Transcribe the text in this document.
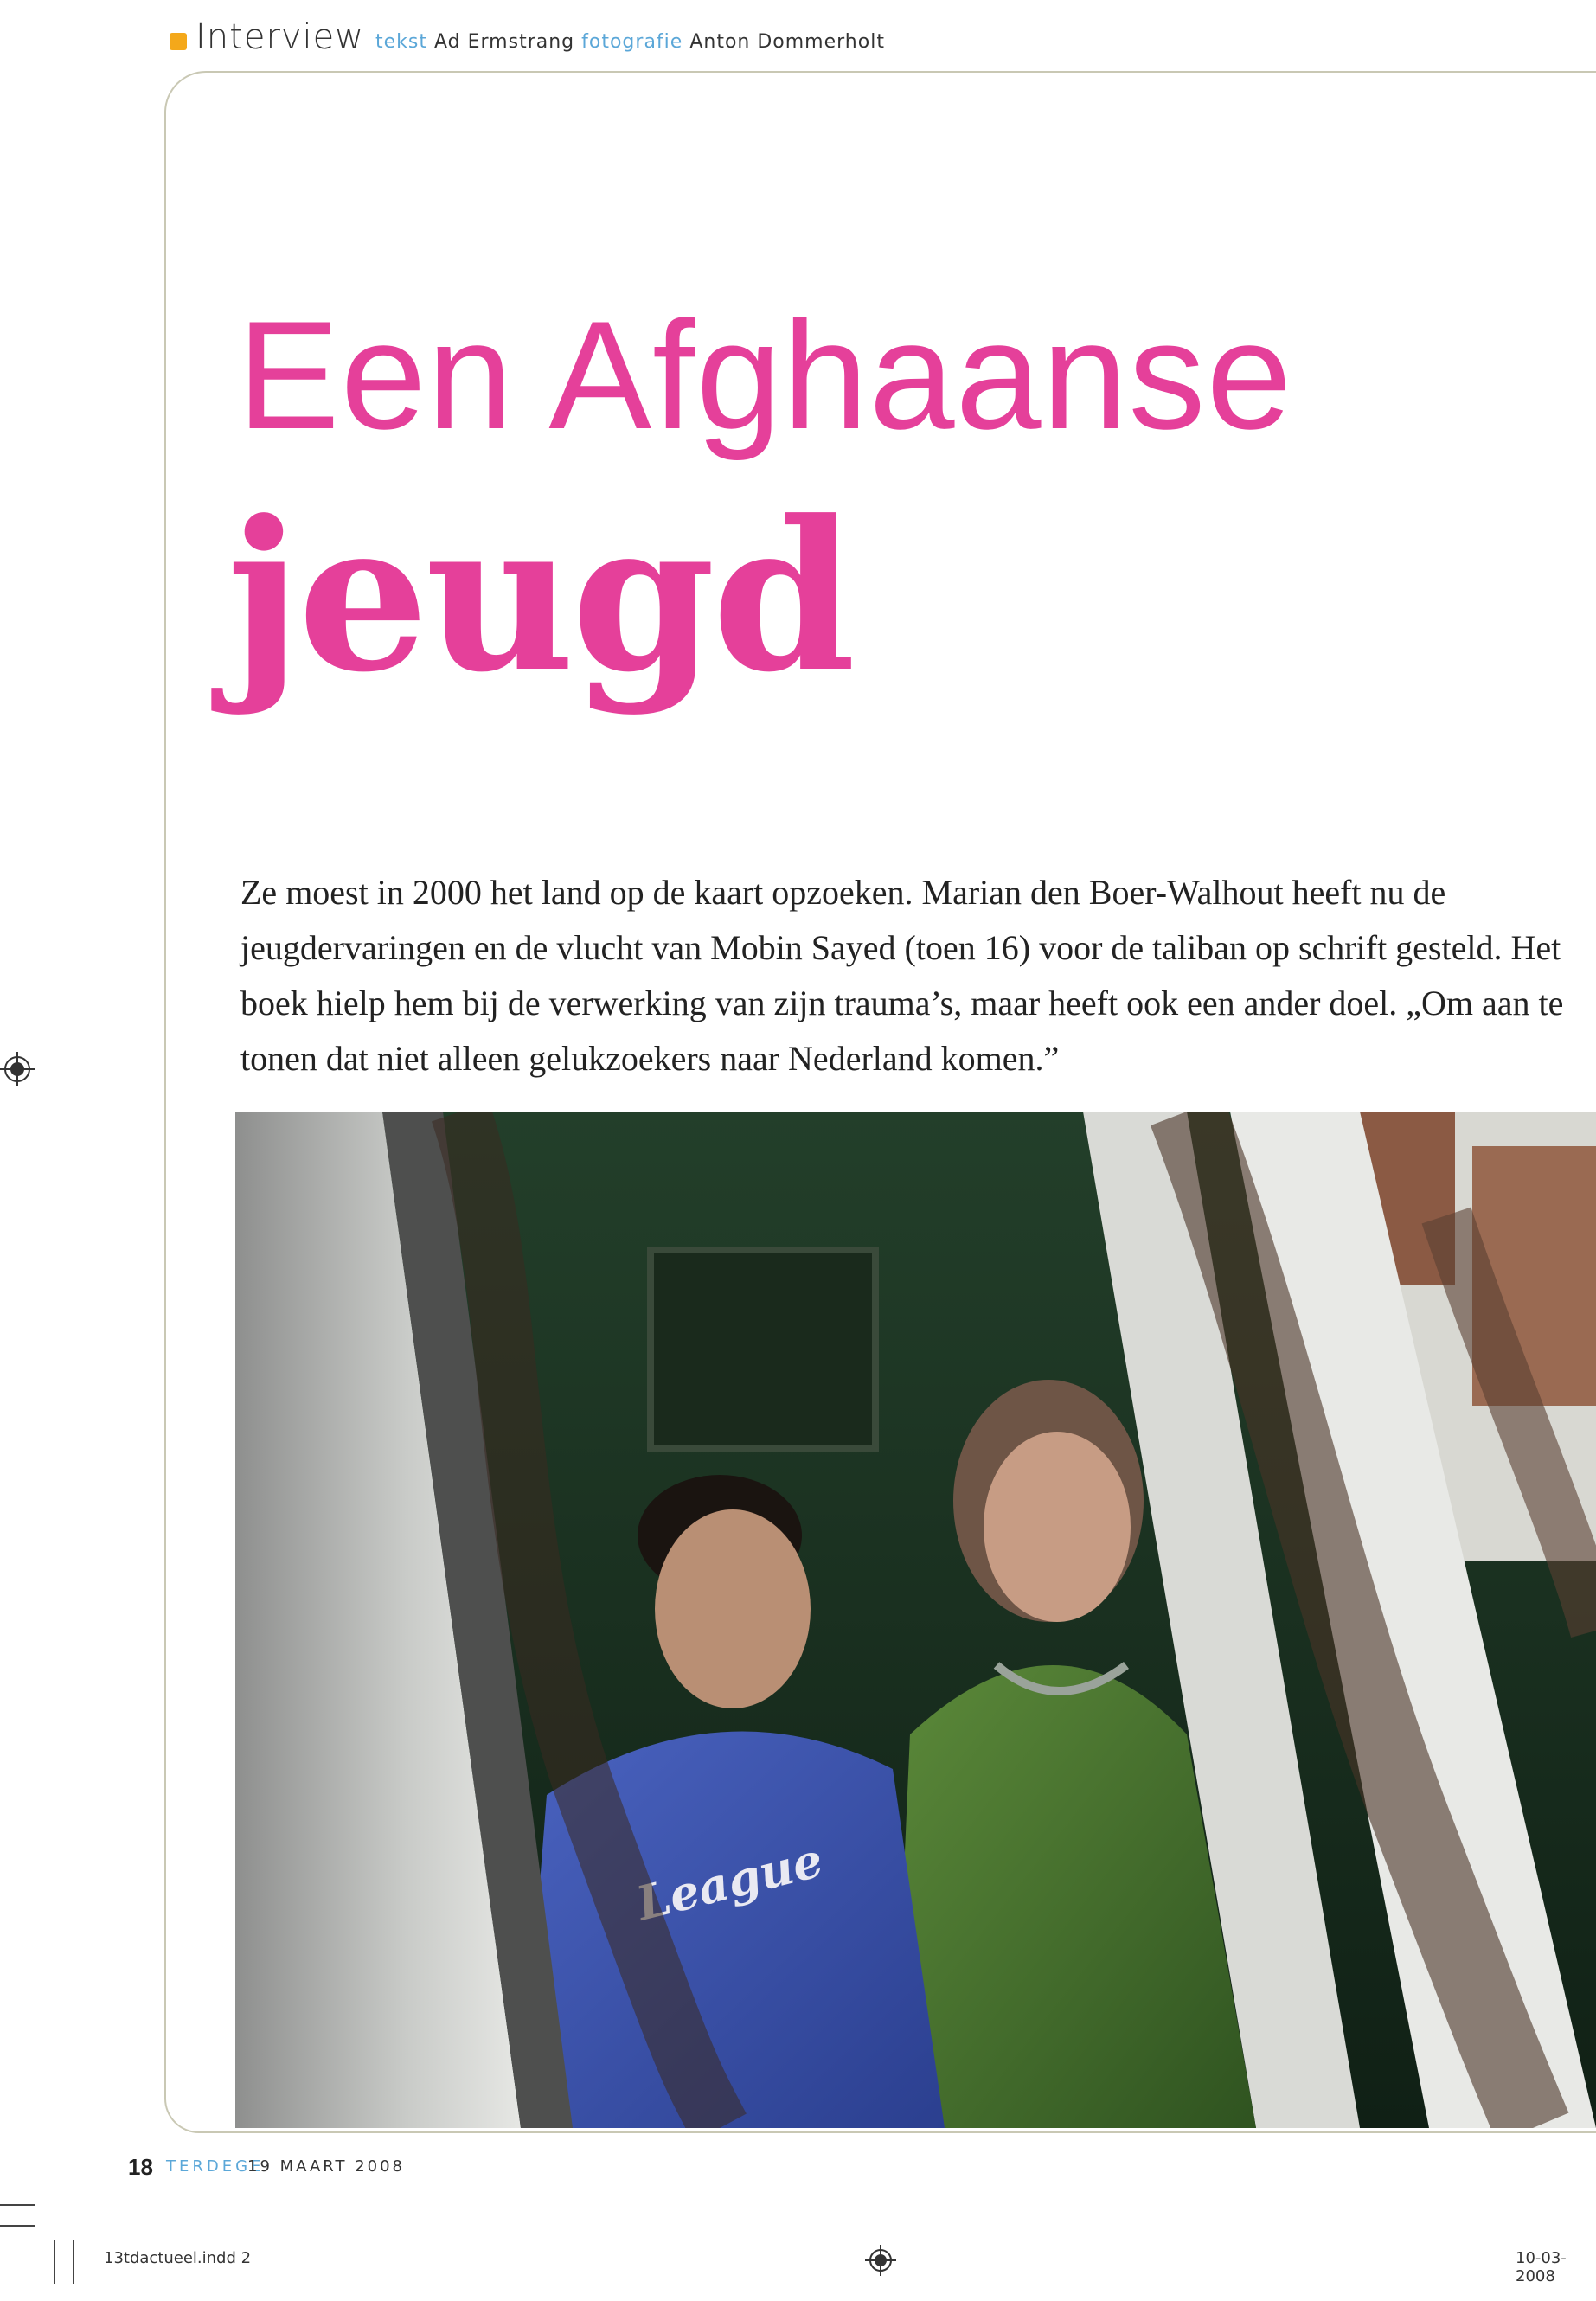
Interview tekst Ad Ermstrang fotografie Anton Dommerholt
Een Afghaanse
jeugd
Ze moest in 2000 het land op de kaart opzoeken. Marian den Boer-Walhout heeft nu de jeugdervaringen en de vlucht van Mobin Sayed (toen 16) voor de taliban op schrift gesteld. Het boek hielp hem bij de verwerking van zijn trauma’s, maar heeft ook een ander doel. „Om aan te tonen dat niet alleen gelukzoekers naar Nederland komen.”
League
18 TERDEGE
19 MAART 2008
13tdactueel.indd 2	10-03-2008
